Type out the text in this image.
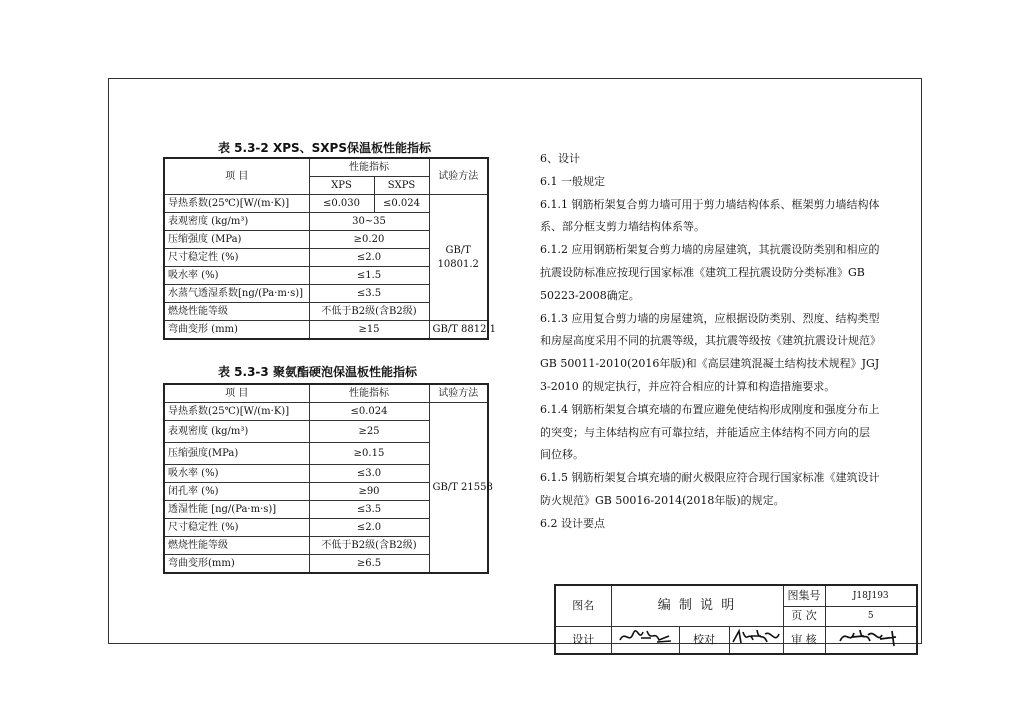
表 5.3-2 XPS、SXPS保温板性能指标
项 目	性能指标		试验方法
	XPS	SXPS	
导热系数(25℃)[W/(m·K)]	≤0.030	≤0.024	GB/T 10801.2
表观密度 (kg/m³)	30~35		
压缩强度 (MPa)	≥0.20		
尺寸稳定性 (%)	≤2.0		
吸水率 (%)	≤1.5		
水蒸气透湿系数[ng/(Pa·m·s)]	≤3.5		
燃烧性能等级	不低于B2级(含B2级)		
弯曲变形 (mm)	≥15		GB/T 8812.1
表 5.3-3 聚氨酯硬泡保温板性能指标
项 目	性能指标	试验方法
导热系数(25℃)[W/(m·K)]	≤0.024	GB/T 21558
表观密度 (kg/m³)	≥25	
压缩强度(MPa)	≥0.15	
吸水率 (%)	≤3.0	
闭孔率 (%)	≥90	
透湿性能 [ng/(Pa·m·s)]	≤3.5	
尺寸稳定性 (%)	≤2.0	
燃烧性能等级	不低于B2级(含B2级)	
弯曲变形(mm)	≥6.5	

6、设计

6.1 一般规定

6.1.1 钢筋桁架复合剪力墙可用于剪力墙结构体系、框架剪力墙结构体系、部分框支剪力墙结构体系等。

6.1.2 应用钢筋桁架复合剪力墙的房屋建筑，其抗震设防类别和相应的抗震设防标准应按现行国家标准《建筑工程抗震设防分类标准》GB 50223-2008确定。

6.1.3 应用复合剪力墙的房屋建筑，应根据设防类别、烈度、结构类型和房屋高度采用不同的抗震等级，其抗震等级按《建筑抗震设计规范》GB 50011-2010(2016年版)和《高层建筑混凝土结构技术规程》JGJ 3-2010 的规定执行，并应符合相应的计算和构造措施要求。

6.1.4 钢筋桁架复合填充墙的布置应避免使结构形成刚度和强度分布上的突变；与主体结构应有可靠拉结，并能适应主体结构不同方向的层间位移。

6.1.5 钢筋桁架复合填充墙的耐火极限应符合现行国家标准《建筑设计防火规范》GB 50016-2014(2018年版)的规定。

6.2 设计要点

图名	编 制 说 明			图集号	J18J193
				页 次	5
设计		校对		审 核	
